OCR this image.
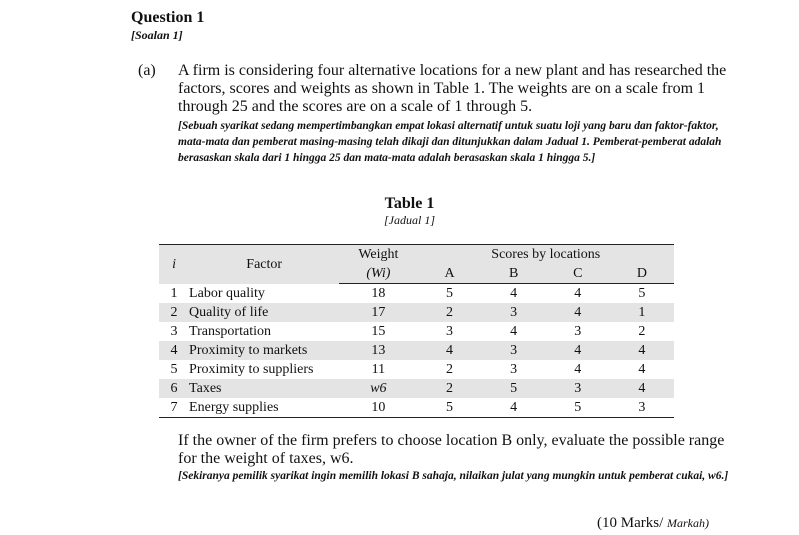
Question 1
[Soalan 1]
(a) A firm is considering four alternative locations for a new plant and has researched the factors, scores and weights as shown in Table 1. The weights are on a scale from 1 through 25 and the scores are on a scale of 1 through 5.
[Sebuah syarikat sedang mempertimbangkan empat lokasi alternatif untuk suatu loji yang baru dan faktor-faktor, mata-mata dan pemberat masing-masing telah dikaji dan ditunjukkan dalam Jadual 1. Pemberat-pemberat adalah berasaskan skala dari 1 hingga 25 dan mata-mata adalah berasaskan skala 1 hingga 5.]
Table 1
[Jadual 1]
i	Factor	Weight	Scores by locations			
		(Wi)	A	B	C	D
1	Labor quality	18	5	4	4	5
2	Quality of life	17	2	3	4	1
3	Transportation	15	3	4	3	2
4	Proximity to markets	13	4	3	4	4
5	Proximity to suppliers	11	2	3	4	4
6	Taxes	w6	2	5	3	4
7	Energy supplies	10	5	4	5	3
If the owner of the firm prefers to choose location B only, evaluate the possible range for the weight of taxes, w6.
[Sekiranya pemilik syarikat ingin memilih lokasi B sahaja, nilaikan julat yang mungkin untuk pemberat cukai, w6.]
(10 Marks/ Markah)
